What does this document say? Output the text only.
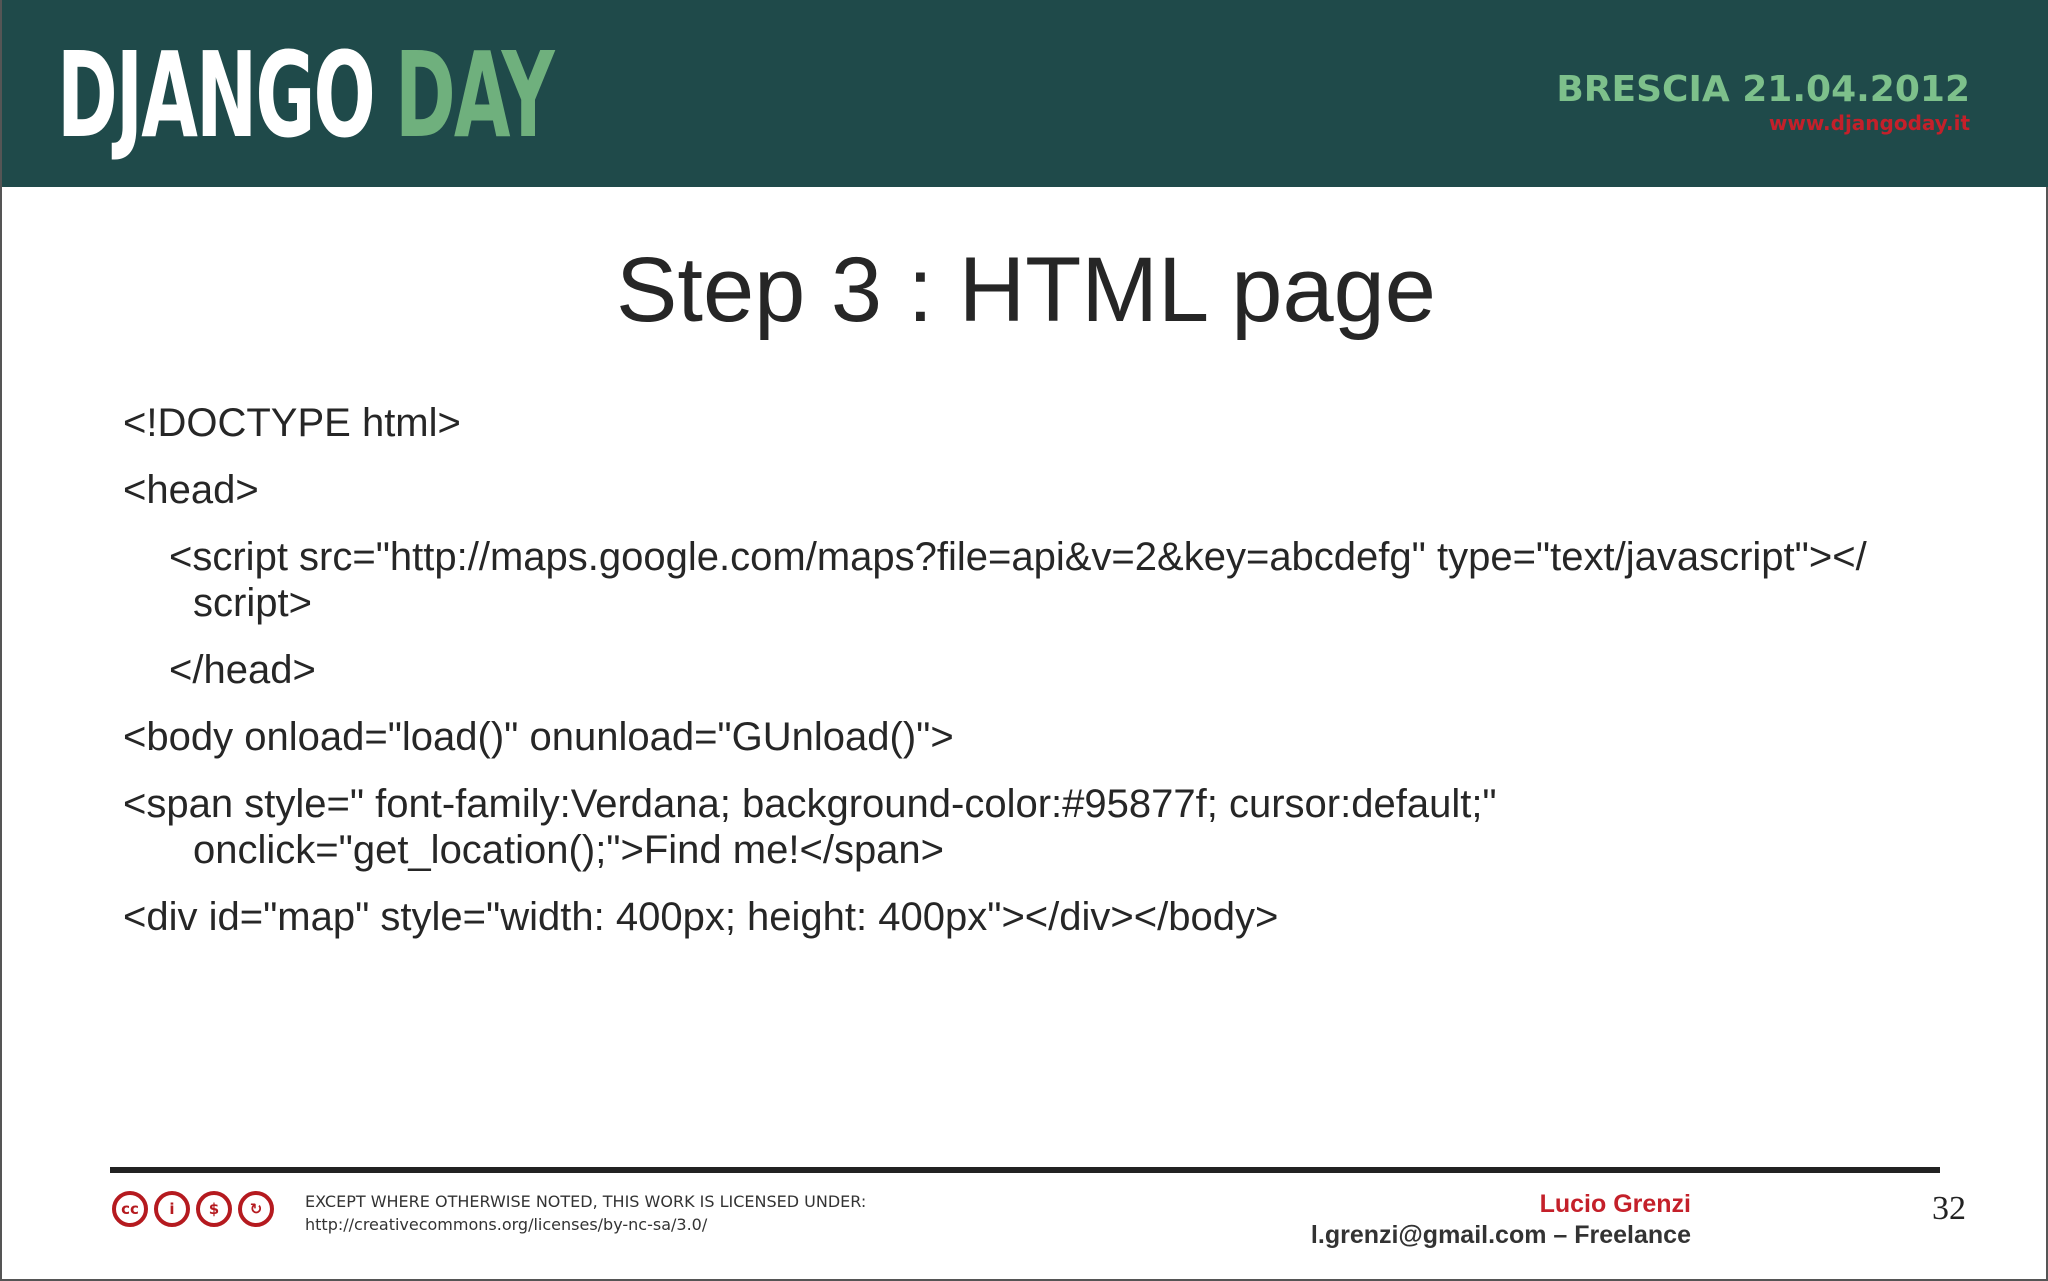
DJANGO DAY	BRESCIA 21.04.2012
www.djangoday.it
Step 3 : HTML page
<!DOCTYPE html>
<head>
<script src="http://maps.google.com/maps?file=api&v=2&key=abcdefg" type="text/javascript"></
script>
</head>
<body onload="load()" onunload="GUnload()">
<span style=" font-family:Verdana; background-color:#95877f; cursor:default;"
onclick="get_location();">Find me!</span>
<div id="map" style="width: 400px; height: 400px"></div></body>
cc	i	$	↻	EXCEPT WHERE OTHERWISE NOTED, THIS WORK IS LICENSED UNDER:
http://creativecommons.org/licenses/by-nc-sa/3.0/
Lucio Grenzi
l.grenzi@gmail.com – Freelance
32
